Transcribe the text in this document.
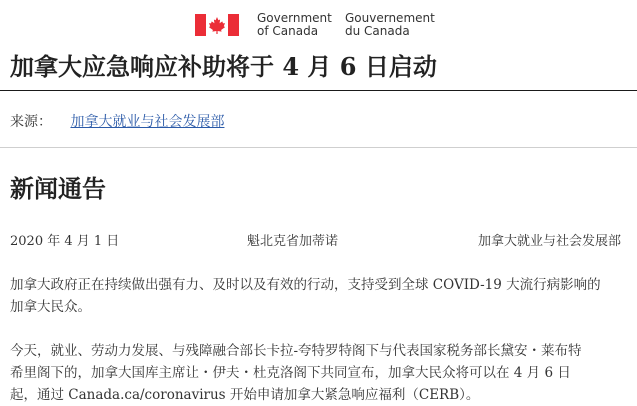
Government
of Canada
Gouvernement
du Canada
加拿大应急响应补助将于 4 月 6 日启动
来源： 加拿大就业与社会发展部
新闻通告
2020 年 4 月 1 日	魁北克省加蒂诺	加拿大就业与社会发展部

加拿大政府正在持续做出强有力、及时以及有效的行动，支持受到全球 COVID-19 大流行病影响的
加拿大民众。

今天，就业、劳动力发展、与残障融合部长卡拉-夸特罗特阁下与代表国家税务部长黛安・莱布特
希里阁下的，加拿大国库主席让・伊夫・杜克洛阁下共同宣布，加拿大民众将可以在 4 月 6 日
起，通过 Canada.ca/coronavirus 开始申请加拿大紧急响应福利（CERB）。
